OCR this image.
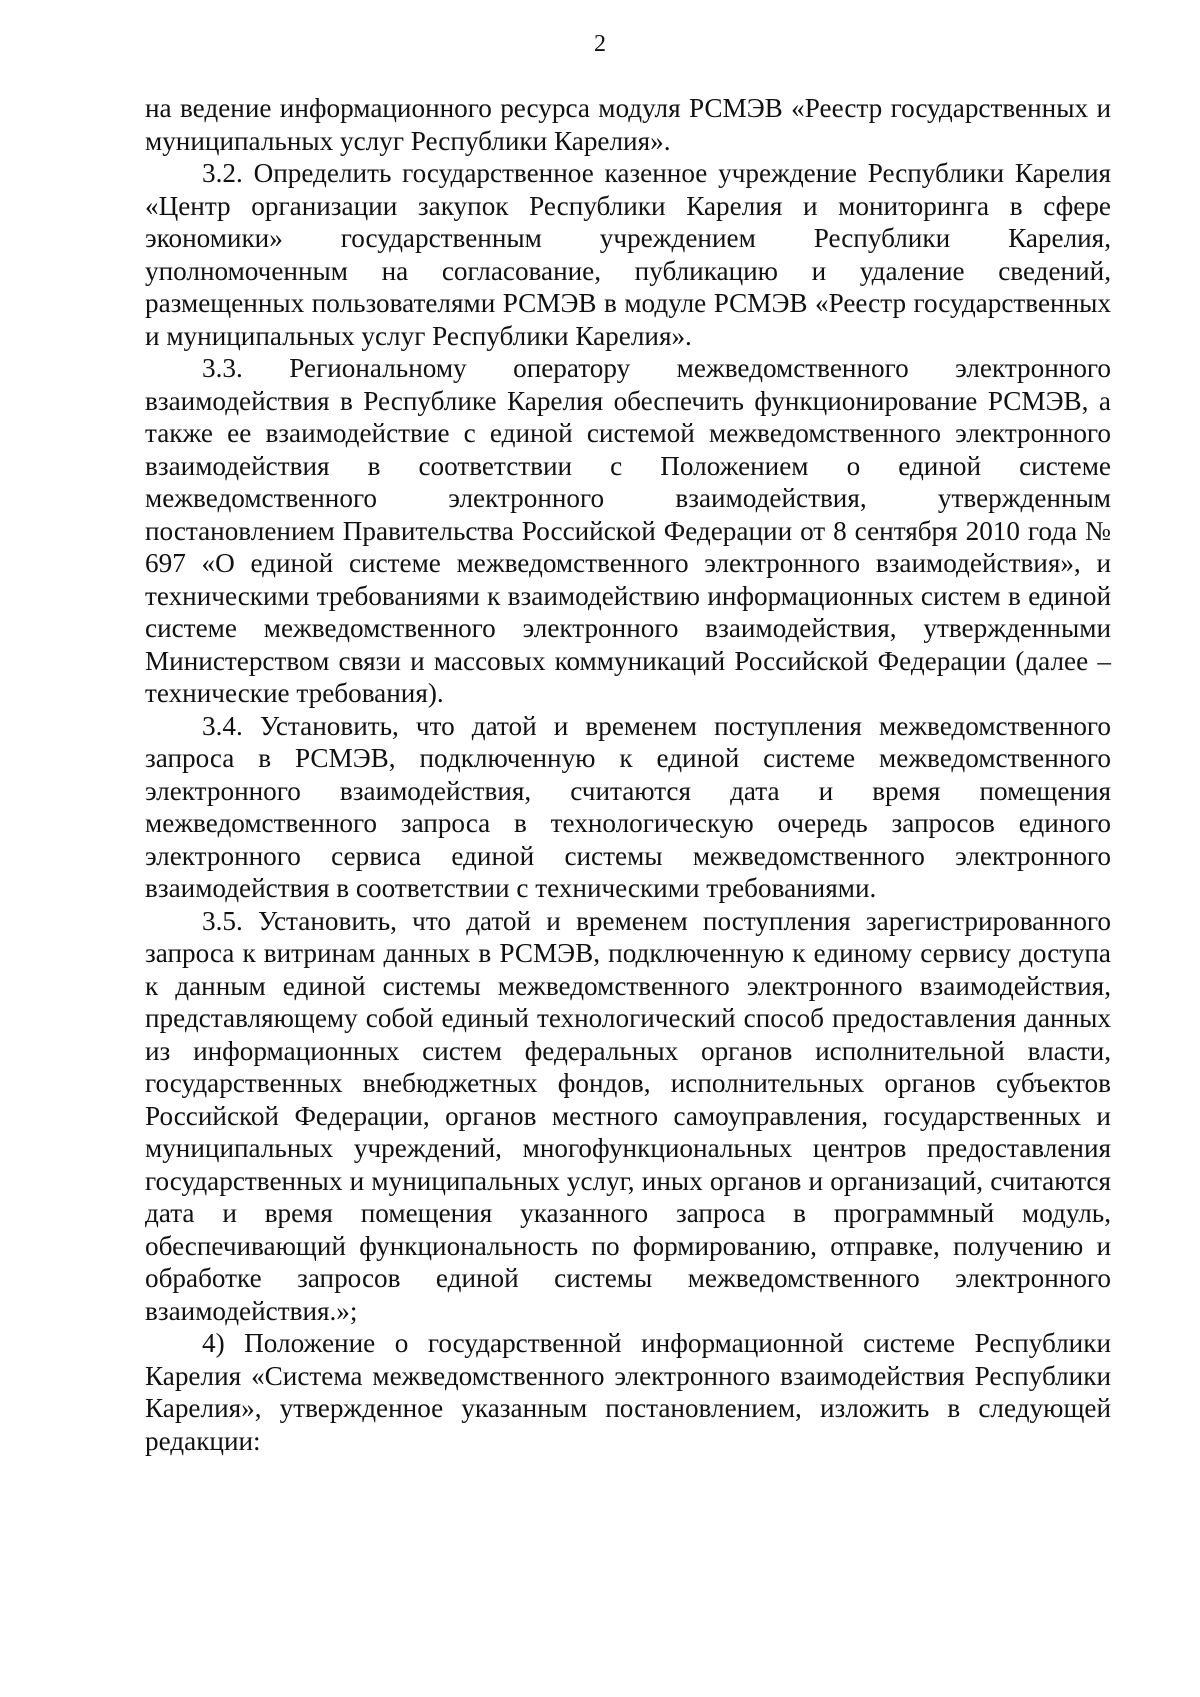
2

на ведение информационного ресурса модуля РСМЭВ «Реестр государственных и муниципальных услуг Республики Карелия».

3.2. Определить государственное казенное учреждение Республики Карелия «Центр организации закупок Республики Карелия и мониторинга в сфере экономики» государственным учреждением Республики Карелия, уполномоченным на согласование, публикацию и удаление сведений, размещенных пользователями РСМЭВ в модуле РСМЭВ «Реестр государственных и муниципальных услуг Республики Карелия».

3.3. Региональному оператору межведомственного электронного взаимодействия в Республике Карелия обеспечить функционирование РСМЭВ, а также ее взаимодействие с единой системой межведомственного электронного взаимодействия в соответствии с Положением о единой системе межведомственного электронного взаимодействия, утвержденным постановлением Правительства Российской Федерации от 8 сентября 2010 года № 697 «О единой системе межведомственного электронного взаимодействия», и техническими требованиями к взаимодействию информационных систем в единой системе межведомственного электронного взаимодействия, утвержденными Министерством связи и массовых коммуникаций Российской Федерации (далее – технические требования).

3.4. Установить, что датой и временем поступления межведомственного запроса в РСМЭВ, подключенную к единой системе межведомственного электронного взаимодействия, считаются дата и время помещения межведомственного запроса в технологическую очередь запросов единого электронного сервиса единой системы межведомственного электронного взаимодействия в соответствии с техническими требованиями.

3.5. Установить, что датой и временем поступления зарегистрированного запроса к витринам данных в РСМЭВ, подключенную к единому сервису доступа к данным единой системы межведомственного электронного взаимодействия, представляющему собой единый технологический способ предоставления данных из информационных систем федеральных органов исполнительной власти, государственных внебюджетных фондов, исполнительных органов субъектов Российской Федерации, органов местного самоуправления, государственных и муниципальных учреждений, многофункциональных центров предоставления государственных и муниципальных услуг, иных органов и организаций, считаются дата и время помещения указанного запроса в программный модуль, обеспечивающий функциональность по формированию, отправке, получению и обработке запросов единой системы межведомственного электронного взаимодействия.»;

4) Положение о государственной информационной системе Республики Карелия «Система межведомственного электронного взаимодействия Республики Карелия», утвержденное указанным постановлением, изложить в следующей редакции:
